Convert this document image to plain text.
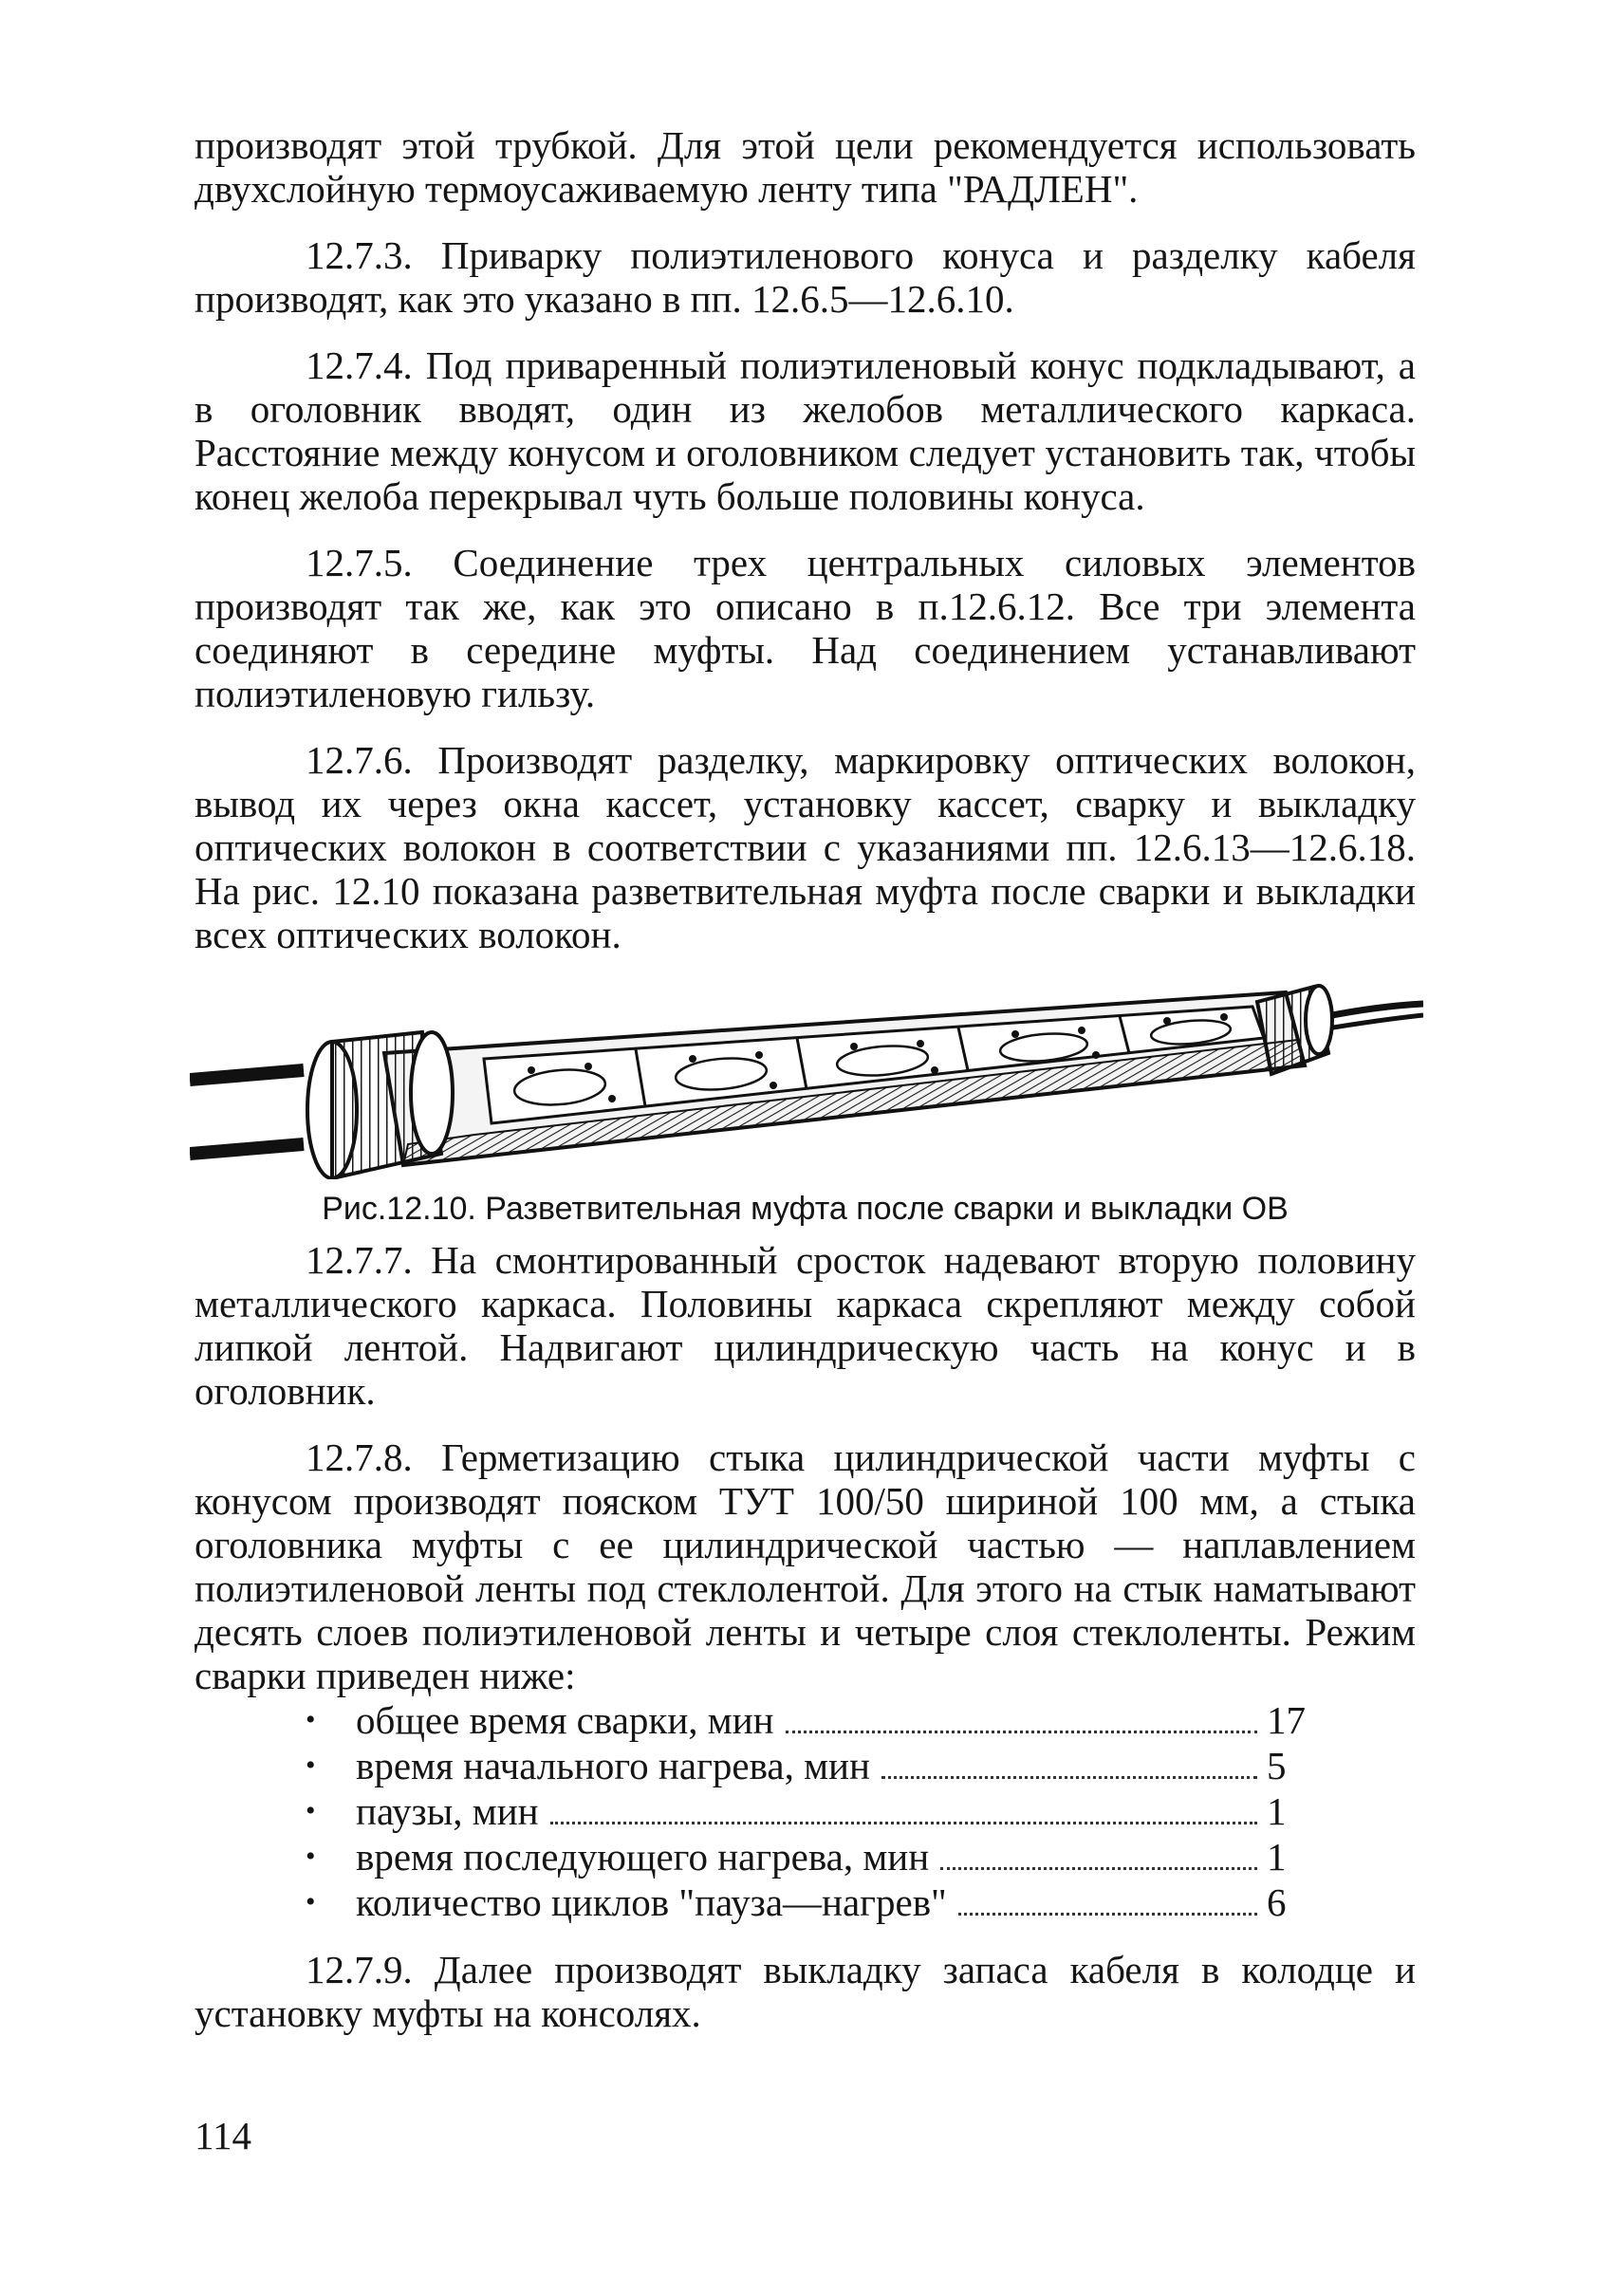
производят этой трубкой. Для этой цели рекомендуется использовать двухслойную термоусаживаемую ленту типа "РАДЛЕН".

12.7.3. Приварку полиэтиленового конуса и разделку кабеля производят, как это указано в пп. 12.6.5—12.6.10.

12.7.4. Под приваренный полиэтиленовый конус подкладывают, а в оголовник вводят, один из желобов металлического каркаса. Расстояние между конусом и оголовником следует установить так, чтобы конец желоба перекрывал чуть больше половины конуса.

12.7.5. Соединение трех центральных силовых элементов производят так же, как это описано в п.12.6.12. Все три элемента соединяют в середине муфты. Над соединением устанавливают полиэтиленовую гильзу.

12.7.6. Производят разделку, маркировку оптических волокон, вывод их через окна кассет, установку кассет, сварку и выкладку оптических волокон в соответствии с указаниями пп. 12.6.13—12.6.18. На рис. 12.10 показана разветвительная муфта после сварки и выкладки всех оптических волокон.

Рис.12.10. Разветвительная муфта после сварки и выкладки ОВ

12.7.7. На смонтированный сросток надевают вторую половину металлического каркаса. Половины каркаса скрепляют между собой липкой лентой. Надвигают цилиндрическую часть на конус и в оголовник.

12.7.8. Герметизацию стыка цилиндрической части муфты с конусом производят пояском ТУТ 100/50 шириной 100 мм, а стыка оголовника муфты с ее цилиндрической частью — наплавлением полиэтиленовой ленты под стеклолентой. Для этого на стык наматывают десять слоев полиэтиленовой ленты и четыре слоя стеклоленты. Режим сварки приведен ниже:

•	общее время сварки, мин	17
•	время начального нагрева, мин	5
•	паузы, мин	1
•	время последующего нагрева, мин	1
•	количество циклов "пауза—нагрев"	6

12.7.9. Далее производят выкладку запаса кабеля в колодце и установку муфты на консолях.

114
